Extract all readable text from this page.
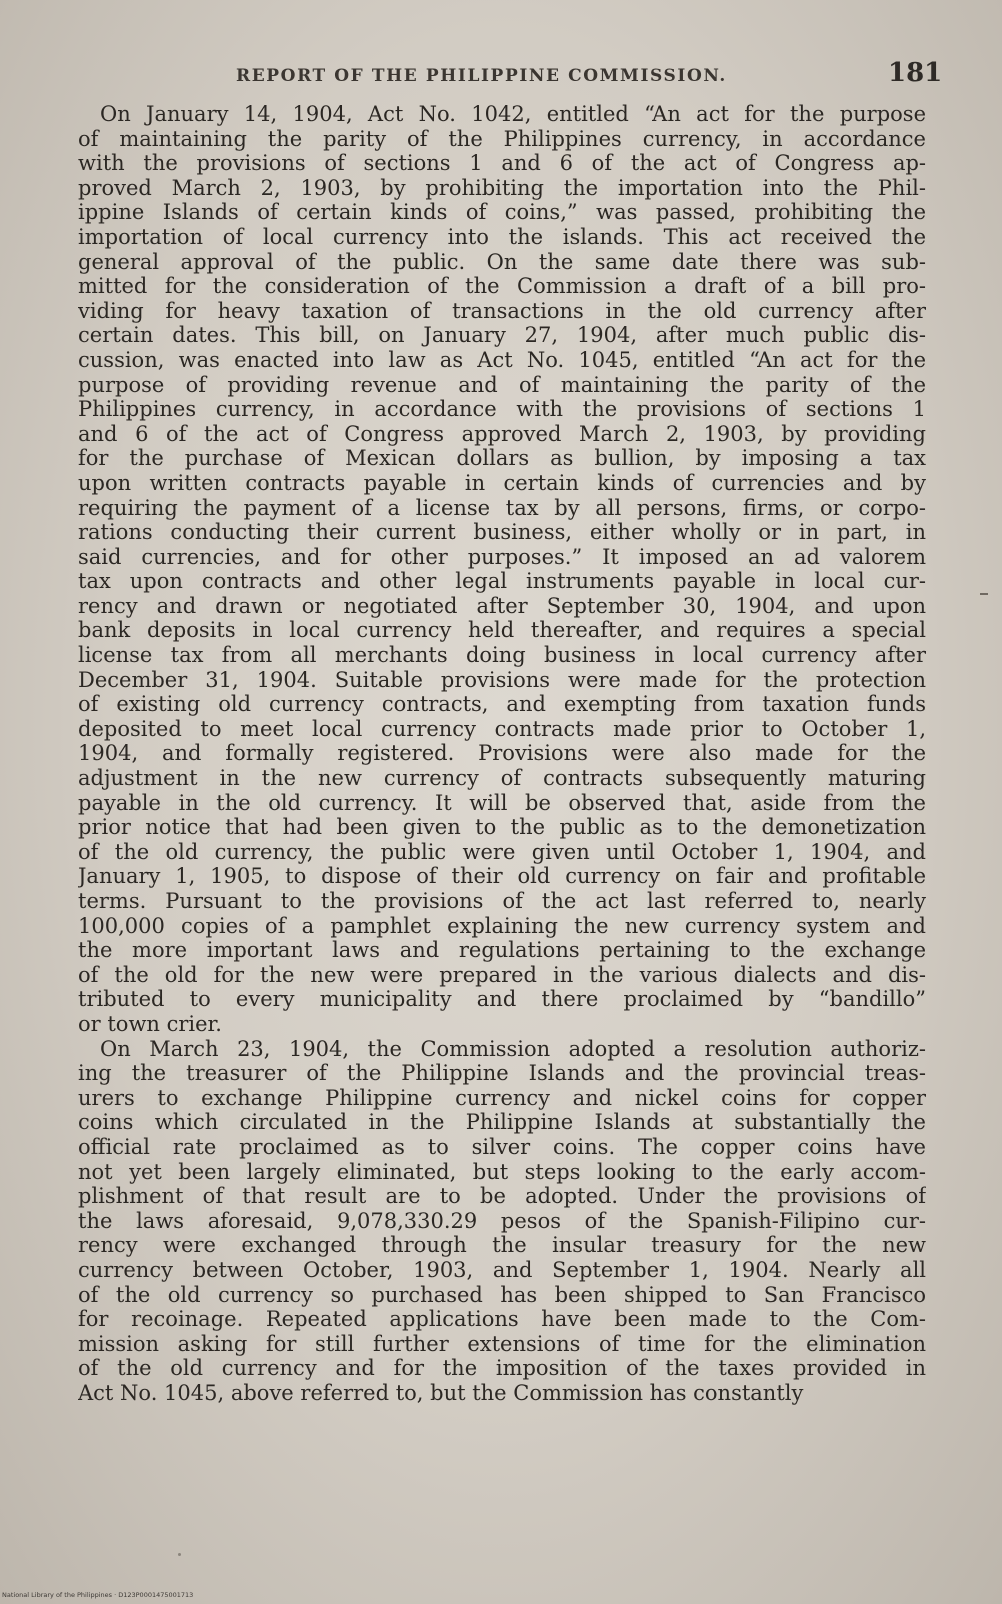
REPORT OF THE PHILIPPINE COMMISSION.	181
On January 14, 1904, Act No. 1042, entitled “An act for the purpose
of maintaining the parity of the Philippines currency, in accordance
with the provisions of sections 1 and 6 of the act of Congress ap-
proved March 2, 1903, by prohibiting the importation into the Phil-
ippine Islands of certain kinds of coins,” was passed, prohibiting the
importation of local currency into the islands. This act received the
general approval of the public. On the same date there was sub-
mitted for the consideration of the Commission a draft of a bill pro-
viding for heavy taxation of transactions in the old currency after
certain dates. This bill, on January 27, 1904, after much public dis-
cussion, was enacted into law as Act No. 1045, entitled “An act for the
purpose of providing revenue and of maintaining the parity of the
Philippines currency, in accordance with the provisions of sections 1
and 6 of the act of Congress approved March 2, 1903, by providing
for the purchase of Mexican dollars as bullion, by imposing a tax
upon written contracts payable in certain kinds of currencies and by
requiring the payment of a license tax by all persons, firms, or corpo-
rations conducting their current business, either wholly or in part, in
said currencies, and for other purposes.” It imposed an ad valorem
tax upon contracts and other legal instruments payable in local cur-
rency and drawn or negotiated after September 30, 1904, and upon
bank deposits in local currency held thereafter, and requires a special
license tax from all merchants doing business in local currency after
December 31, 1904. Suitable provisions were made for the protection
of existing old currency contracts, and exempting from taxation funds
deposited to meet local currency contracts made prior to October 1,
1904, and formally registered. Provisions were also made for the
adjustment in the new currency of contracts subsequently maturing
payable in the old currency. It will be observed that, aside from the
prior notice that had been given to the public as to the demonetization
of the old currency, the public were given until October 1, 1904, and
January 1, 1905, to dispose of their old currency on fair and profitable
terms. Pursuant to the provisions of the act last referred to, nearly
100,000 copies of a pamphlet explaining the new currency system and
the more important laws and regulations pertaining to the exchange
of the old for the new were prepared in the various dialects and dis-
tributed to every municipality and there proclaimed by “bandillo”
or town crier.
On March 23, 1904, the Commission adopted a resolution authoriz-
ing the treasurer of the Philippine Islands and the provincial treas-
urers to exchange Philippine currency and nickel coins for copper
coins which circulated in the Philippine Islands at substantially the
official rate proclaimed as to silver coins. The copper coins have
not yet been largely eliminated, but steps looking to the early accom-
plishment of that result are to be adopted. Under the provisions of
the laws aforesaid, 9,078,330.29 pesos of the Spanish-Filipino cur-
rency were exchanged through the insular treasury for the new
currency between October, 1903, and September 1, 1904. Nearly all
of the old currency so purchased has been shipped to San Francisco
for recoinage. Repeated applications have been made to the Com-
mission asking for still further extensions of time for the elimination
of the old currency and for the imposition of the taxes provided in
Act No. 1045, above referred to, but the Commission has constantly
National Library of the Philippines · D123P0001475001713
